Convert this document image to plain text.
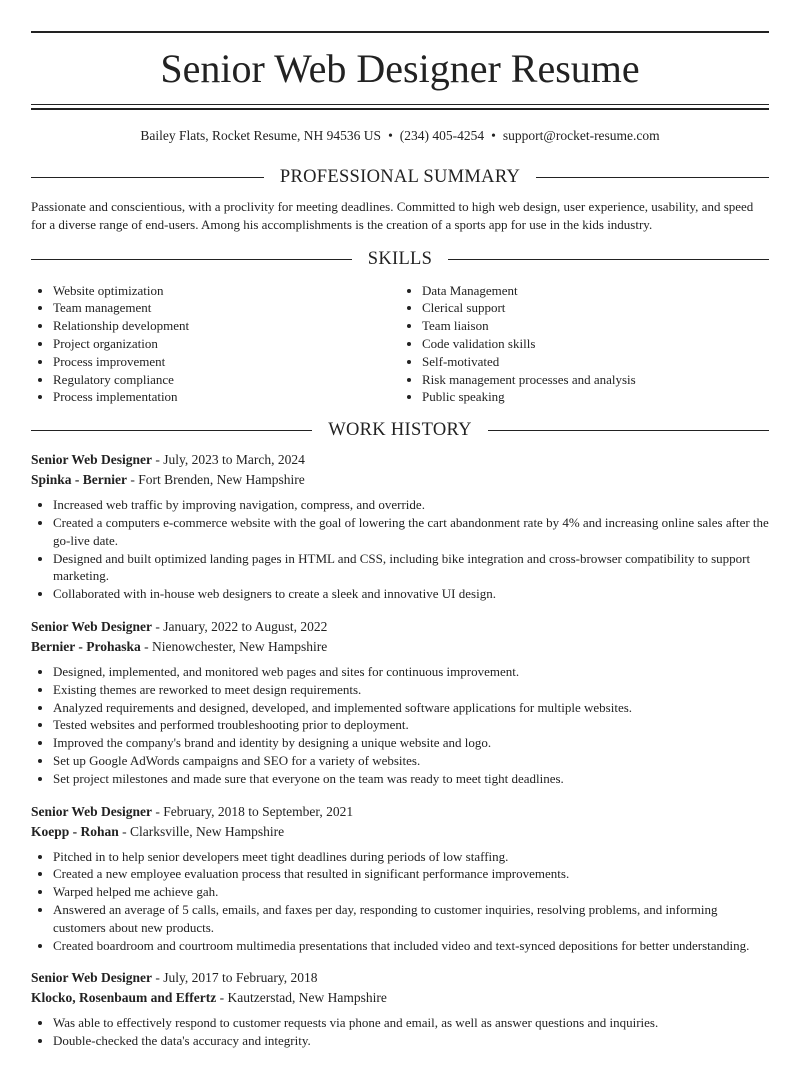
Senior Web Designer Resume
Bailey Flats, Rocket Resume, NH 94536 US • (234) 405-4254 • support@rocket-resume.com
PROFESSIONAL SUMMARY
Passionate and conscientious, with a proclivity for meeting deadlines. Committed to high web design, user experience, usability, and speed for a diverse range of end-users. Among his accomplishments is the creation of a sports app for use in the kids industry.
SKILLS
• Website optimization
• Team management
• Relationship development
• Project organization
• Process improvement
• Regulatory compliance
• Process implementation
• Data Management
• Clerical support
• Team liaison
• Code validation skills
• Self-motivated
• Risk management processes and analysis
• Public speaking
WORK HISTORY
Senior Web Designer - July, 2023 to March, 2024
Spinka - Bernier - Fort Brenden, New Hampshire
• Increased web traffic by improving navigation, compress, and override.
• Created a computers e-commerce website with the goal of lowering the cart abandonment rate by 4% and increasing online sales after the go-live date.
• Designed and built optimized landing pages in HTML and CSS, including bike integration and cross-browser compatibility to support marketing.
• Collaborated with in-house web designers to create a sleek and innovative UI design.
Senior Web Designer - January, 2022 to August, 2022
Bernier - Prohaska - Nienowchester, New Hampshire
• Designed, implemented, and monitored web pages and sites for continuous improvement.
• Existing themes are reworked to meet design requirements.
• Analyzed requirements and designed, developed, and implemented software applications for multiple websites.
• Tested websites and performed troubleshooting prior to deployment.
• Improved the company's brand and identity by designing a unique website and logo.
• Set up Google AdWords campaigns and SEO for a variety of websites.
• Set project milestones and made sure that everyone on the team was ready to meet tight deadlines.
Senior Web Designer - February, 2018 to September, 2021
Koepp - Rohan - Clarksville, New Hampshire
• Pitched in to help senior developers meet tight deadlines during periods of low staffing.
• Created a new employee evaluation process that resulted in significant performance improvements.
• Warped helped me achieve gah.
• Answered an average of 5 calls, emails, and faxes per day, responding to customer inquiries, resolving problems, and informing customers about new products.
• Created boardroom and courtroom multimedia presentations that included video and text-synced depositions for better understanding.
Senior Web Designer - July, 2017 to February, 2018
Klocko, Rosenbaum and Effertz - Kautzerstad, New Hampshire
• Was able to effectively respond to customer requests via phone and email, as well as answer questions and inquiries.
• Double-checked the data's accuracy and integrity.
